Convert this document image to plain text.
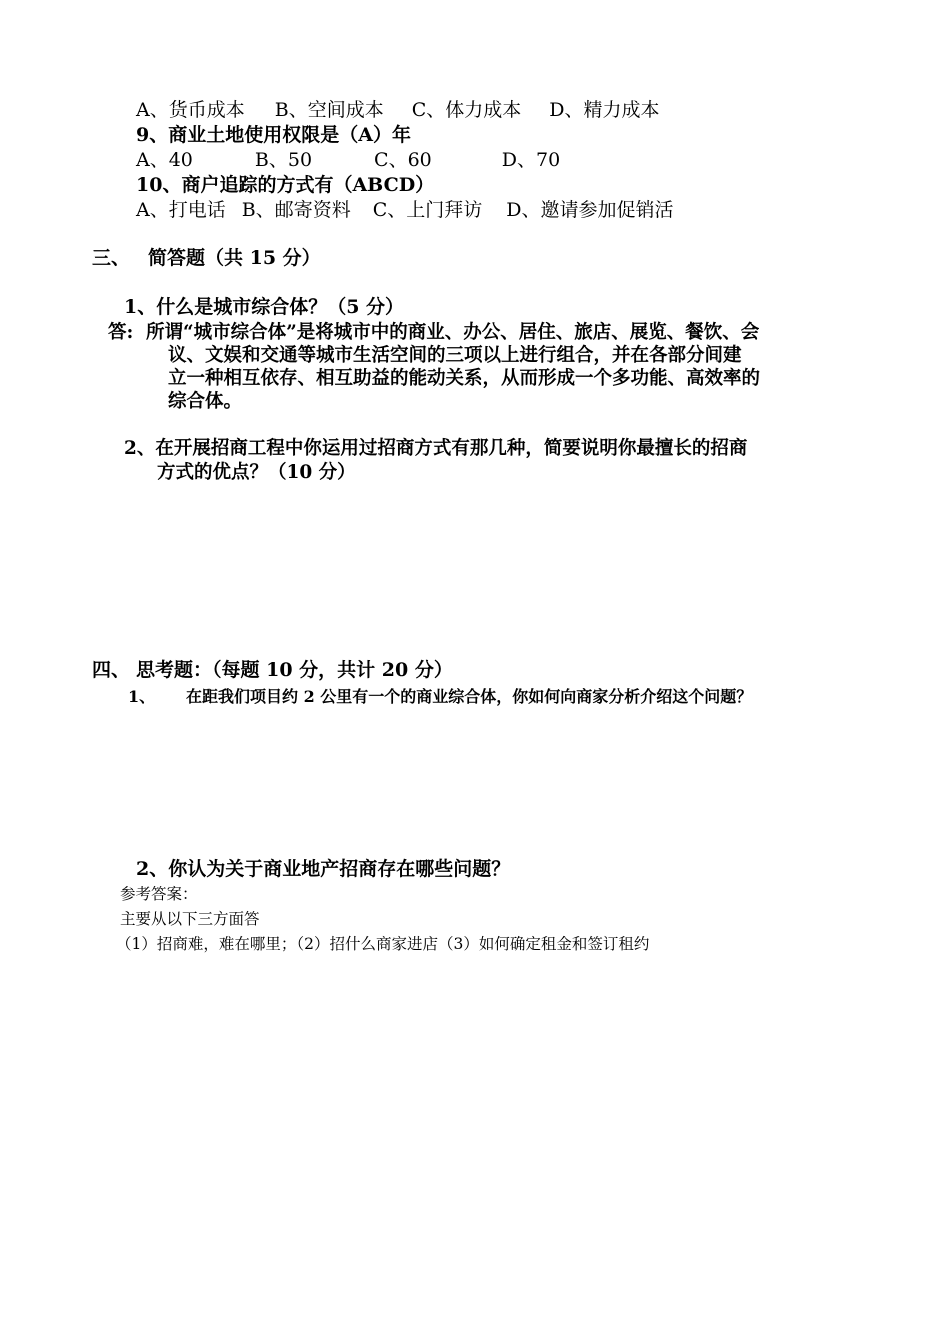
A、货币成本 B、空间成本 C、体力成本 D、精力成本
9、商业土地使用权限是（A）年
A、40	B、50	C、60	D、70
10、商户追踪的方式有（ABCD）
A、打电话 B、邮寄资料 C、上门拜访 D、邀请参加促销活
三、 简答题（共 15 分）
1、什么是城市综合体？（5 分）
答: 所谓“城市综合体”是将城市中的商业、办公、居住、旅店、展览、餐饮、会
议、文娱和交通等城市生活空间的三项以上进行组合，并在各部分间建
立一种相互依存、相互助益的能动关系，从而形成一个多功能、高效率的
综合体。
2、在开展招商工程中你运用过招商方式有那几种，简要说明你最擅长的招商
方式的优点？（10 分）
四、 思考题：（每题 10 分，共计 20 分）
1、 在距我们项目约 2 公里有一个的商业综合体，你如何向商家分析介绍这个问题？
2、你认为关于商业地产招商存在哪些问题？
参考答案：
主要从以下三方面答
（1）招商难，难在哪里；（2）招什么商家进店（3）如何确定租金和签订租约
